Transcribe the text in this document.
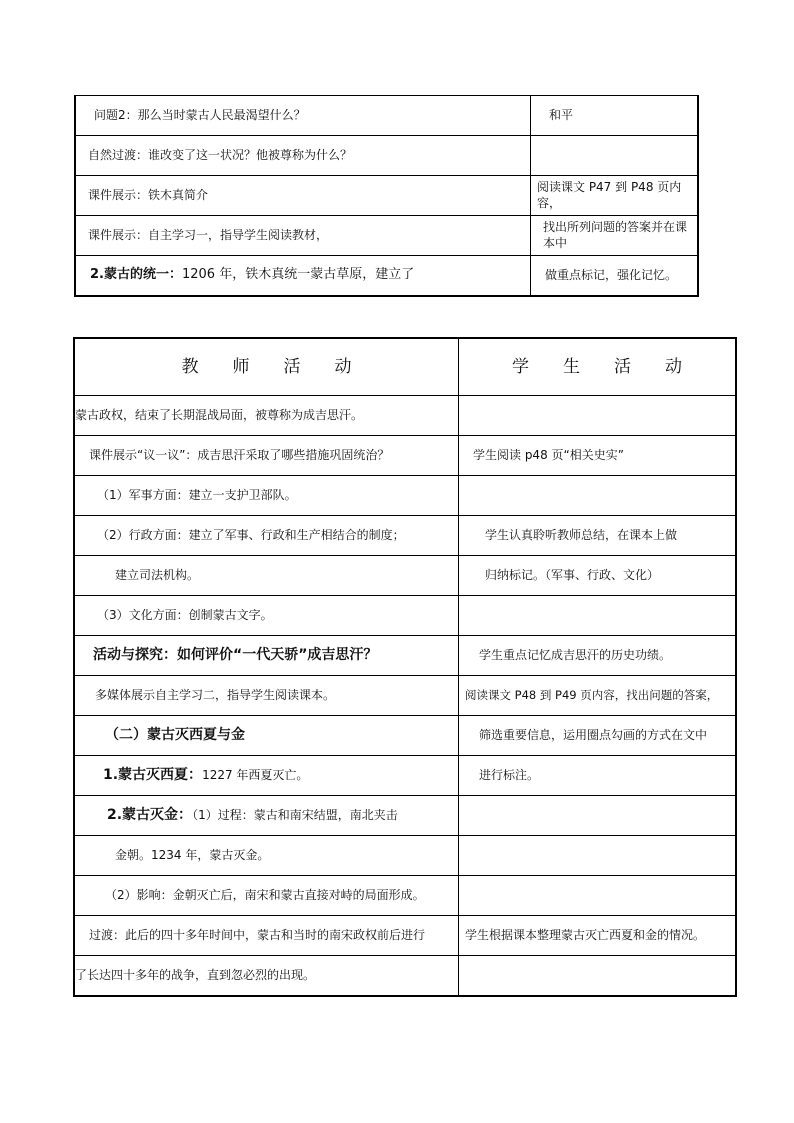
问题2：那么当时蒙古人民最渴望什么？	和平
自然过渡：谁改变了这一状况？他被尊称为什么？	
课件展示：铁木真简介	阅读课文 P47 到 P48 页内容，
课件展示：自主学习一，指导学生阅读教材，	找出所列问题的答案并在课本中
2.蒙古的统一：1206 年，铁木真统一蒙古草原，建立了	做重点标记，强化记忆。
教　　师　　活　　动	学　　生　　活　　动
蒙古政权，结束了长期混战局面，被尊称为成吉思汗。	
课件展示“议一议”：成吉思汗采取了哪些措施巩固统治？	学生阅读 p48 页“相关史实”
（1）军事方面：建立一支护卫部队。	
（2）行政方面：建立了军事、行政和生产相结合的制度；	学生认真聆听教师总结，在课本上做
建立司法机构。	归纳标记。（军事、行政、文化）
（3）文化方面：创制蒙古文字。	
活动与探究：如何评价“一代天骄”成吉思汗？	学生重点记忆成吉思汗的历史功绩。
多媒体展示自主学习二，指导学生阅读课本。	阅读课文 P48 到 P49 页内容，找出问题的答案，
（二）蒙古灭西夏与金	筛选重要信息，运用圈点勾画的方式在文中
1.蒙古灭西夏：1227 年西夏灭亡。	进行标注。
2.蒙古灭金：（1）过程：蒙古和南宋结盟，南北夹击	
金朝。1234 年，蒙古灭金。	
（2）影响：金朝灭亡后，南宋和蒙古直接对峙的局面形成。	
过渡：此后的四十多年时间中，蒙古和当时的南宋政权前后进行	学生根据课本整理蒙古灭亡西夏和金的情况。
了长达四十多年的战争，直到忽必烈的出现。	
